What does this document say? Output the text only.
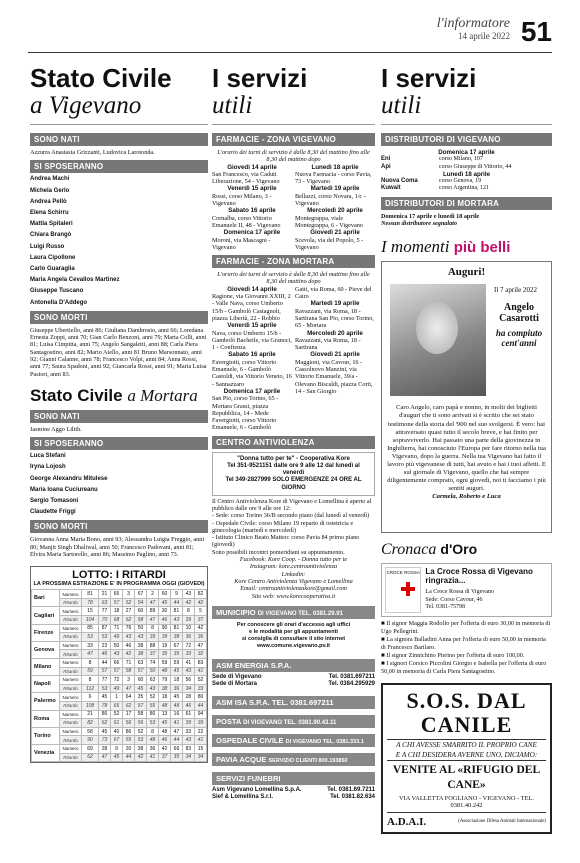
l'informatore
14 aprile 2022 51
Stato Civile
a Vigevano
SONO NATI
Azzurra Anastasia Grizzanti, Ludovica Larotonda.
SI SPOSERANNO
Andrea Machi
Michela Gerlo
Andrea Pellò
Elena Schirru
Mattia Spitaleri
Chiara Brangò
Luigi Russo
Laura Cipollone
Carlo Guaraglia
Maria Angela Cevallos Martinez
Giuseppe Tuscano
Antonella D'Addego
SONO MORTI
Giuseppe Ubertiello, anni 86; Giuliana Dambrosio, anni 66; Loredana Ernesta Zoppi, anni 70; Gian Carlo Benzoni, anni 79; Marta Colli, anni 81; Luisa Cimpitta, anni 75; Angelo Sangaletti, anni 88; Carla Piera Santagostino, anni 82; Mario Aiello, anni 81 Bruno Marsonnato, anni 92; Gianni Calanne, anni 78; Francesco Volpi, anni 84; Anna Rossi, anni 77; Saura Spadoni, anni 92; Giancarla Rossi, anni 91; Maria Luisa Pastori, anni 83.
Stato Civile a Mortara
SONO NATI
Jasmine Aggo Lilith.
SI SPOSERANNO
Luca Stefani
Iryna Lojosh
George Alexandru Mitulese
Maria Ioana Cuciureanu
Sergio Tomasoni
Claudette Friggi
SONO MORTI
Giovanna Anna Maria Bono, anni 93; Alessandra Luigia Freggio, anni 80; Manjit Singh Dhaliwal, anni 50; Francesco Padovani, anni 81; Elvira Maria Sartorello, anni 86; Massimo Paglino, anni 73.
LOTTO: I RITARDI
LA PROSSIMA ESTRAZIONE E' IN PROGRAMMA OGGI (GIOVEDI)
Bari	Numero	81	21	65	3	67	2	60	9	43	82
	Ritardo	78	63	57	52	54	47	45	44	42	42
Cagliari	Numero	15	77	18	27	60	89	30	81	8	5
	Ritardo	104	70	68	62	58	47	46	43	39	37
Firenze	Numero	85	87	71	76	50	8	90	81	10	42
	Ritardo	53	53	49	43	43	39	39	38	36	36
Genova	Numero	33	23	50	46	38	88	19	67	72	47
	Ritardo	47	46	43	42	38	37	35	35	33	32
Milano	Numero	8	44	66	71	63	74	59	59	41	83
	Ritardo	59	57	57	58	57	50	48	45	43	41
Napoli	Numero	8	77	72	3	60	63	79	18	56	52
	Ritardo	112	53	49	47	45	43	38	36	34	33
Palermo	Numero	6	45	1	64	35	52	18	45	28	80
	Ritardo	108	78	65	62	57	55	48	48	46	44
Roma	Numero	21	86	52	17	58	80	13	16	61	94
	Ritardo	82	62	61	56	56	53	45	41	39	39
Torino	Numero	58	45	40	86	52	8	48	47	33	22
	Ritardo	90	73	67	55	53	48	46	44	43	41
Venezia	Numero	69	28	9	20	38	36	42	66	83	15
	Ritardo	62	47	45	44	42	41	37	35	34	34
I servizi
utili
FARMACIE - ZONA VIGEVANO
L'orario dei turni di servizio è dalle 8,30 del mattino fino alle 8,30 del mattino dopo
Giovedì 14 aprile
San Francesco, via Caduti Liberazione, 54 - Vigevano
Venerdì 15 aprile
Rossi, corso Milano, 3 - Vigevano
Sabato 16 aprile
Cornalba, corso Vittorio Emanuele II, 48 - Vigevano
Domenica 17 aprile
Moroni, via Mascagni - Vigevano
Lunedì 18 aprile
Nuova Farmacia - corso Pavia, 73 - Vigevano
Martedì 19 aprile
Bellazzi, corso Novara, 1/c - Vigevano
Mercoledì 20 aprile
Montegrappa, viale Montegrappa, 6 - Vigevano
Giovedì 21 aprile
Scevola, via del Popolo, 5 - Vigevano
FARMACIE - ZONA MORTARA
L'orario dei turni di servizio è dalle 8,30 del mattino fino alle 8,30 del mattino dopo
Giovedì 14 aprile
Ragione, via Giovanni XXIII, 2 - Valle Nava, corso Umberto 15/b - Gambolò Castagnoli, piazza Libertà, 22 - Robbio
Venerdì 15 aprile
Nava, corso Umberto 15/b - Gambolò Bacheile, via Granoci, 1 - Confienza
Sabato 16 aprile
Favergiotti, corso Vittorio Emanuele, 6 - Gambolò Castoldi, via Vittorio Veneto, 16 - Sannazzaro
Domenica 17 aprile
San Pio, corso Torino, 65 - Mortara Grassi, piazza Repubblica, 14 - Mede Favergiotti, corso Vittorio Emanuele, 6 - Gambolò
Gatti, via Roma, 60 - Pieve del Cairo
Martedì 19 aprile
Ravazzani, via Roma, 18 - Sartirana San Pio, corso Torino, 65 - Mortara
Mercoledì 20 aprile
Ravazzani, via Roma, 18 - Sartirana
Giovedì 21 aprile
Maggioni, via Cavour, 16 - Cassolnovo Manzini, via Vittorio Emanuele, 39/a - Olevano Biscaldi, piazza Corti, 14 - San Giorgio
CENTRO ANTIVIOLENZA
"Donna tutto per te" - Cooperativa Kore
Tel 351-9521151 dalle ore 9 alle 12 dal lunedì al venerdì
Tel 349-2827999 SOLO EMERGENZE 24 ORE AL GIORNO
Il Centro Antiviolenza Kore di Vigevano e Lomellina è aperto al pubblico dalle ore 9 alle ore 12:
- Sede: corso Torino 36/B secondo piano (dal lunedì al venerdì)
- Ospedale Civile: corso Milano 19 reparto di ostetricia e ginecologia (martedì e mercoledì)
- Istituto Clinico Beato Matteo: corso Pavia 84 primo piano (giovedì)
Sono possibili incontri pomeridiani su appuntamento.
Facebook: Kore Coop. - Donna tutto per te
Instagram: kore.centroantiviolenza
Linkedin:
Kore Centro Antiviolenza Vigevano e Lomellina
Email: centroantiviolenzakore@gmail.com
Sito web: www.korecooperativa.it
MUNICIPIO DI VIGEVANO TEL. 0381.29.91
Per conoscere gli orari d'accesso agli uffici
e le modalità per gli appuntamenti
si consiglia di consultare il sito internet
www.comune.vigevano.pv.it
ASM ENERGIA S.P.A.
Sede di Vigevano	Tel. 0381.697211
Sede di Mortara	Tel. 0384.295929
ASM ISA S.P.A. TEL. 0381.697211
POSTA DI VIGEVANO TEL. 0381.90.43.11
OSPEDALE CIVILE DI VIGEVANO TEL. 0381.333.1
PAVIA ACQUE SERVIZIO CLIENTI 800.193850
SERVIZI FUNEBRI
Asm Vigevano Lomellina S.p.A.	Tel. 0381.69.7211
Sief & Lomellina S.r.l.	Tel. 0381.82.634
I servizi
utili
DISTRIBUTORI DI VIGEVANO
Domenica 17 aprile
Eni	corso Milano, 107
Api	corso Giuseppe di Vittorio, 44
Lunedì 18 aprile
Nuova Coma	corso Genova, 19
Kuwait	corso Argentina, 121
DISTRIBUTORI DI MORTARA
Domenica 17 aprile e lunedì 18 aprile
Nessun distributore segnalato
I momenti più belli
Auguri!
Il 7 aprile 2022
Angelo Casarotti
ha compiuto cent'anni
Caro Angelo, caro papà e nonno, in molti dei biglietti d'auguri che ti sono arrivati si è scritto che sei stato testimone della storia del '900 nel suo svolgersi. È vero: hai attraversato quasi tutto il secolo breve, e hai finito per sopravviverlo. Hai passato una parte della giovinezza in Inghilterra, hai conosciuto l'Europa per fare ritorno nella tua Vigevano, dopo la guerra. Nella tua Vigevano hai fatto il lavoro più vigevanese di tutti, hai avuto e hai i tuoi affetti. E sul giornale di Vigevano, quello che hai sempre diligentemente comprato, ogni giovedì, noi ti facciamo i più sentiti auguri.
Carmela, Roberto e Luca
Cronaca d'Oro
CROCE ROSSA La Croce Rossa di Vigevano ringrazia...
La Croce Rossa di Vigevano
Sede: Corso Cavour, 46
Tel. 0381-75798
■ Il signor Maggia Rodolfo per l'offerta di euro 30,00 in memoria di Ugo Pellegrini.
■ La signora Balladini Anna per l'offerta di euro 50,00 in memoria di Francesco Barilaro.
■ Il signor Zinnichino Pierino per l'offerta di euro 100,00.
■ I signori Corsico Piccolini Giorgio e Isabella per l'offerta di euro 50,00 in memoria di Carla Piera Santagostino.
S.O.S. DAL CANILE
A CHI AVESSE SMARRITO IL PROPRIO CANE
E A CHI DESIDERA AVERNE UNO, DICIAMO:
VENITE AL «RIFUGIO DEL CANE»
VIA VALLETTA FOGLIANO - VIGEVANO - TEL. 0381.40.242
A.D.A.I.	(Associazione Difesa Animali Internazionale)
